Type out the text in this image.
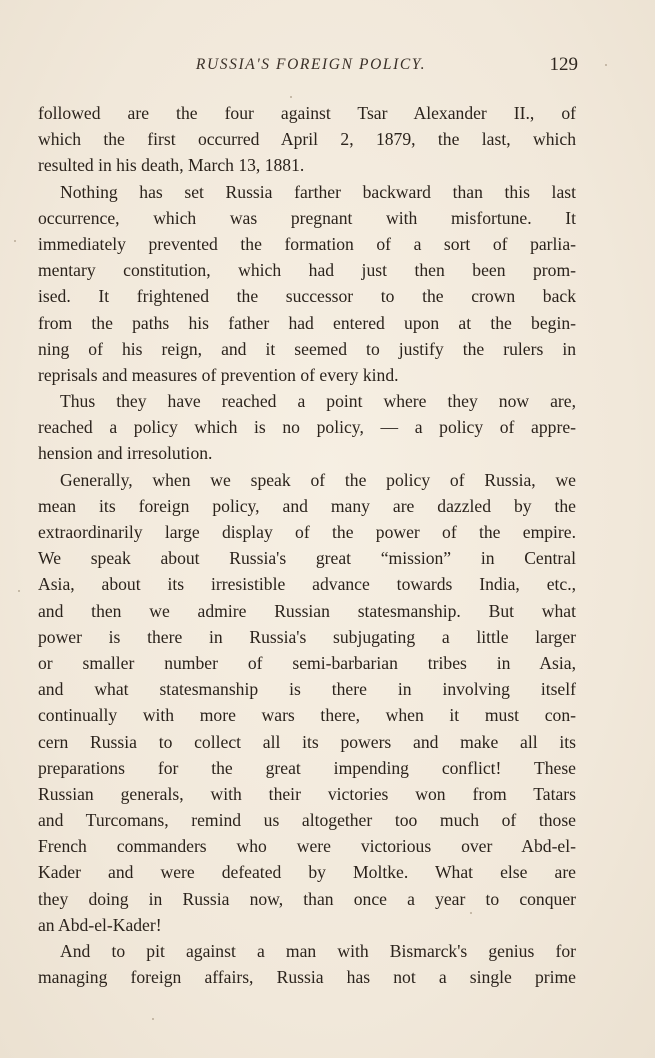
RUSSIA'S FOREIGN POLICY.	129
followed are the four against Tsar Alexander II., of
which the first occurred April 2, 1879, the last, which
resulted in his death, March 13, 1881.
Nothing has set Russia farther backward than this last
occurrence, which was pregnant with misfortune. It
immediately prevented the formation of a sort of parlia-
mentary constitution, which had just then been prom-
ised. It frightened the successor to the crown back
from the paths his father had entered upon at the begin-
ning of his reign, and it seemed to justify the rulers in
reprisals and measures of prevention of every kind.
Thus they have reached a point where they now are,
reached a policy which is no policy, — a policy of appre-
hension and irresolution.
Generally, when we speak of the policy of Russia, we
mean its foreign policy, and many are dazzled by the
extraordinarily large display of the power of the empire.
We speak about Russia's great “mission” in Central
Asia, about its irresistible advance towards India, etc.,
and then we admire Russian statesmanship. But what
power is there in Russia's subjugating a little larger
or smaller number of semi-barbarian tribes in Asia,
and what statesmanship is there in involving itself
continually with more wars there, when it must con-
cern Russia to collect all its powers and make all its
preparations for the great impending conflict! These
Russian generals, with their victories won from Tatars
and Turcomans, remind us altogether too much of those
French commanders who were victorious over Abd-el-
Kader and were defeated by Moltke. What else are
they doing in Russia now, than once a year to conquer
an Abd-el-Kader!
And to pit against a man with Bismarck's genius for
managing foreign affairs, Russia has not a single prime
